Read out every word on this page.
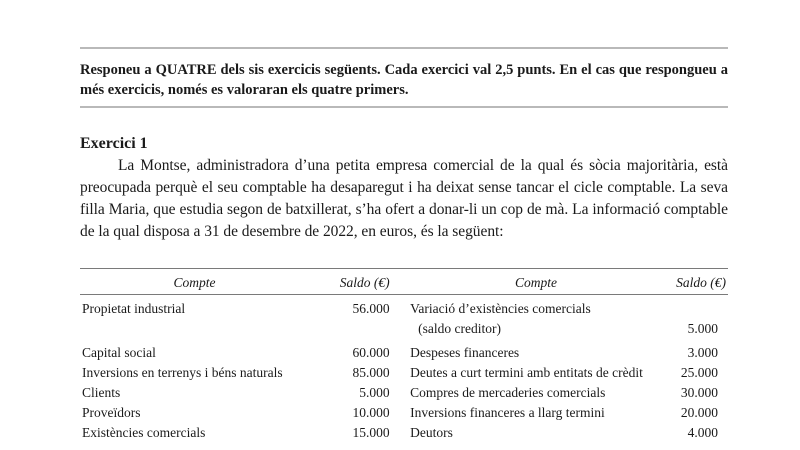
Responeu a QUATRE dels sis exercicis següents. Cada exercici val 2,5 punts. En el cas que respongueu a més exercicis, només es valoraran els quatre primers.

Exercici 1

La Montse, administradora d’una petita empresa comercial de la qual és sòcia majoritària, està preocupada perquè el seu comptable ha desaparegut i ha deixat sense tancar el cicle comptable. La seva filla Maria, que estudia segon de batxillerat, s’ha ofert a donar-li un cop de mà. La informació comptable de la qual disposa a 31 de desembre de 2022, en euros, és la següent:

Compte	Saldo (€)		Compte	Saldo (€)

Propietat industrial	56.000		Variació d’existències comercials	
			(saldo creditor)	5.000

Capital social	60.000		Despeses financeres	3.000
Inversions en terrenys i béns naturals	85.000		Deutes a curt termini amb entitats de crèdit	25.000
Clients	5.000		Compres de mercaderies comercials	30.000
Proveïdors	10.000		Inversions financeres a llarg termini	20.000
Existències comercials	15.000		Deutors	4.000
